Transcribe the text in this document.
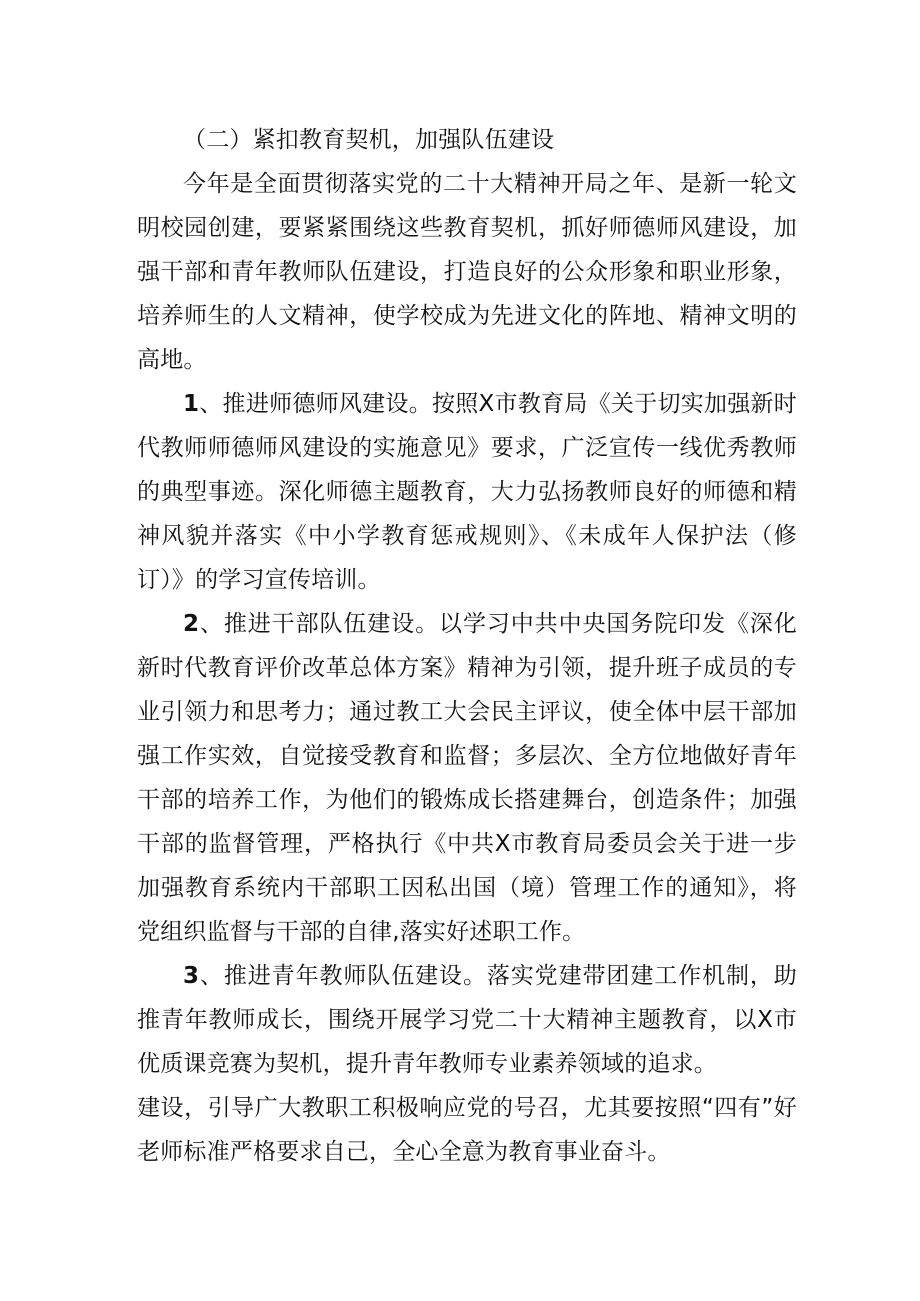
（二）紧扣教育契机，加强队伍建设

今年是全面贯彻落实党的二十大精神开局之年、是新一轮文明校园创建，要紧紧围绕这些教育契机，抓好师德师风建设，加强干部和青年教师队伍建设，打造良好的公众形象和职业形象，培养师生的人文精神，使学校成为先进文化的阵地、精神文明的高地。

1、推进师德师风建设。按照X市教育局《关于切实加强新时代教师师德师风建设的实施意见》要求，广泛宣传一线优秀教师的典型事迹。深化师德主题教育，大力弘扬教师良好的师德和精神风貌并落实《中小学教育惩戒规则》、《未成年人保护法（修订）》的学习宣传培训。

2、推进干部队伍建设。以学习中共中央国务院印发《深化新时代教育评价改革总体方案》精神为引领，提升班子成员的专业引领力和思考力；通过教工大会民主评议，使全体中层干部加强工作实效，自觉接受教育和监督；多层次、全方位地做好青年干部的培养工作，为他们的锻炼成长搭建舞台，创造条件；加强干部的监督管理，严格执行《中共X市教育局委员会关于进一步加强教育系统内干部职工因私出国（境）管理工作的通知》，将党组织监督与干部的自律,落实好述职工作。

3、推进青年教师队伍建设。落实党建带团建工作机制，助推青年教师成长，围绕开展学习党二十大精神主题教育，以X市优质课竞赛为契机，提升青年教师专业素养领域的追求。

建设，引导广大教职工积极响应党的号召，尤其要按照“四有”好老师标准严格要求自己，全心全意为教育事业奋斗。
